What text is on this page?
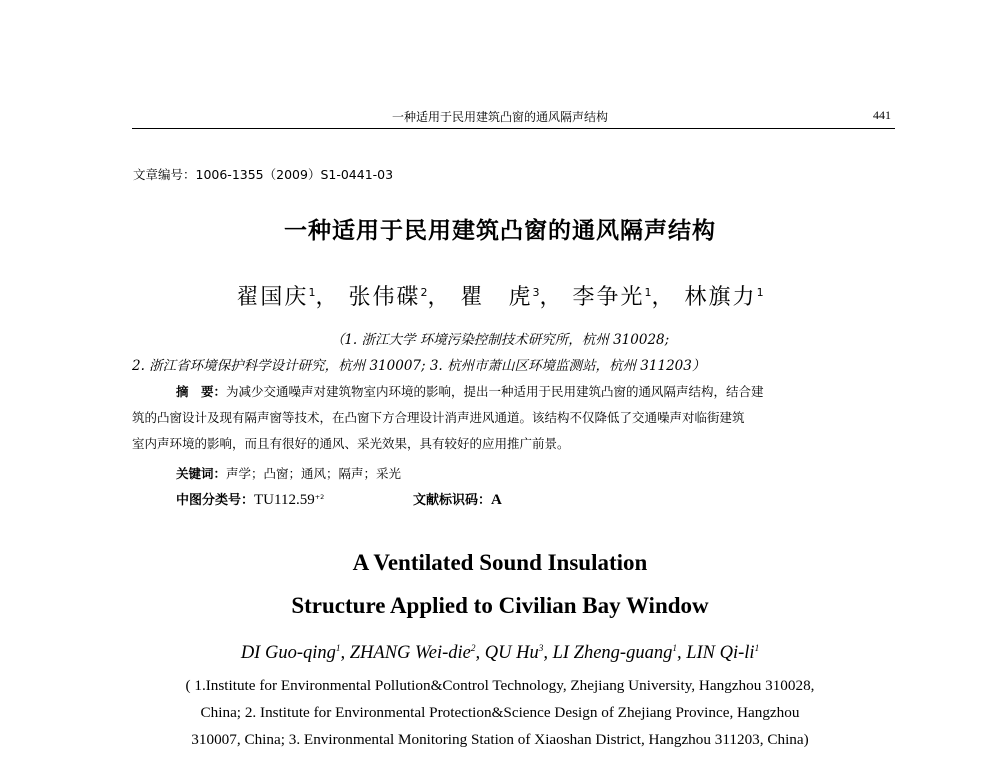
一种适用于民用建筑凸窗的通风隔声结构	441
文章编号：1006-1355（2009）S1-0441-03
一种适用于民用建筑凸窗的通风隔声结构
翟国庆$^1$， 张伟碟$^2$， 瞿　虎$^3$， 李争光$^1$， 林旗力$^1$
（1. 浙江大学 环境污染控制技术研究所，杭州 310028;
2. 浙江省环境保护科学设计研究，杭州 310007; 3. 杭州市萧山区环境监测站，杭州 311203）
摘　要：为减少交通噪声对建筑物室内环境的影响，提出一种适用于民用建筑凸窗的通风隔声结构，结合建
筑的凸窗设计及现有隔声窗等技术，在凸窗下方合理设计消声进风通道。该结构不仅降低了交通噪声对临街建筑
室内声环境的影响，而且有很好的通风、采光效果，具有较好的应用推广前景。
关键词：声学；凸窗；通风；隔声；采光
中图分类号：$TU112.59^{+2}$	文献标识码：A
A Ventilated Sound Insulation
Structure Applied to Civilian Bay Window
DI Guo-qing$^1$, ZHANG Wei-die$^2$, QU Hu$^3$, LI Zheng-guang$^1$, LIN $Qi-li^1$
( 1.Institute for Environmental Pollution&Control Technology, Zhejiang University, Hangzhou 310028,
China; 2. Institute for Environmental Protection&Science Design of Zhejiang Province, Hangzhou
310007, China; 3. Environmental Monitoring Station of Xiaoshan District, Hangzhou 311203, China)
